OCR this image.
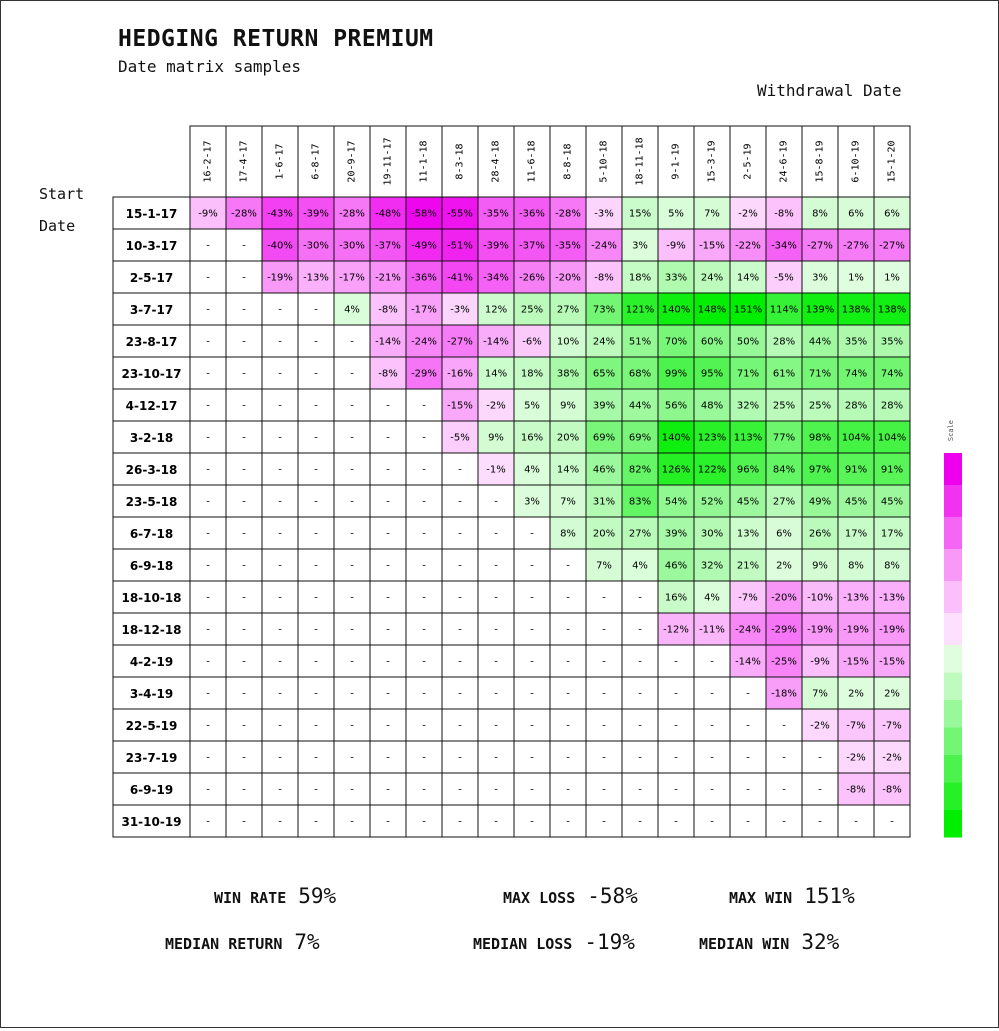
HEDGING RETURN PREMIUM
Date matrix samples
Withdrawal Date
Start
Date
16-2-17	17-4-17	1-6-17	6-8-17	20-9-17	19-11-17	11-1-18	8-3-18	28-4-18	11-6-18	8-8-18	5-10-18	18-11-18	9-1-19	15-3-19	2-5-19	24-6-19	15-8-19	6-10-19	15-1-20
15-1-17 -9% -28% -43% -39% -28% -48% -58% -55% -35% -36% -28% -3% 15% 5% 7% -2% -8% 8% 6% 6%
10-3-17	-	- -40% -30% -30% -37% -49% -51% -39% -37% -35% -24% 3% -9% -15% -22% -34% -27% -27% -27%
2-5-17	-	- -19% -13% -17% -21% -36% -41% -34% -26% -20% -8% 18% 33% 24% 14% -5% 3% 1% 1%
3-7-17	-	-	-	-	4% -8% -17% -3% 12% 25% 27% 73% 121% 140% 148% 151% 114% 139% 138% 138%
23-8-17	-	-	-	-	- -14% -24% -27% -14% -6% 10% 24% 51% 70% 60% 50% 28% 44% 35% 35%
23-10-17 -	-	-	-	- -8% -29% -16% 14% 18% 38% 65% 68% 99% 95% 71% 61% 71% 74% 74%
4-12-17	-	-	-	-	-	-	- -15% -2% 5% 9% 39% 44% 56% 48% 32% 25% 25% 28% 28%
3-2-18	-	-	-	-	-	-	- -5% 9% 16% 20% 69% 69% 140% 123% 113% 77% 98% 104% 104%
26-3-18	-	-	-	-	-	-	-	- -1% 4% 14% 46% 82% 126% 122% 96% 84% 97% 91% 91%
23-5-18	-	-	-	-	-	-	-	-	-	3% 7% 31% 83% 54% 52% 45% 27% 49% 45% 45%
6-7-18	-	-	-	-	-	-	-	-	-	-	8% 20% 27% 39% 30% 13% 6% 26% 17% 17%
6-9-18	-	-	-	-	-	-	-	-	-	-	-	7% 4% 46% 32% 21% 2% 9% 8% 8%
18-10-18 -	-	-	-	-	-	-	-	-	-	-	-	- 16% 4% -7% -20% -10% -13% -13%
18-12-18 -	-	-	-	-	-	-	-	-	-	-	-	- -12% -11% -24% -29% -19% -19% -19%
4-2-19	-	-	-	-	-	-	-	-	-	-	-	-	-	-	- -14% -25% -9% -15% -15%
3-4-19	-	-	-	-	-	-	-	-	-	-	-	-	-	-	-	- -18% 7% 2% 2%
22-5-19	-	-	-	-	-	-	-	-	-	-	-	-	-	-	-	-	- -2% -7% -7%
23-7-19	-	-	-	-	-	-	-	-	-	-	-	-	-	-	-	-	-	- -2% -2%
6-9-19	-	-	-	-	-	-	-	-	-	-	-	-	-	-	-	-	-	- -8% -8%
31-10-19 -	-	-	-	-	-	-	-	-	-	-	-	-	-	-	-	-	-	-	-
Scale
WIN RATE 59%	MAX LOSS -58%	MAX WIN 151%
MEDIAN RETURN 7%	MEDIAN LOSS -19%	MEDIAN WIN 32%
